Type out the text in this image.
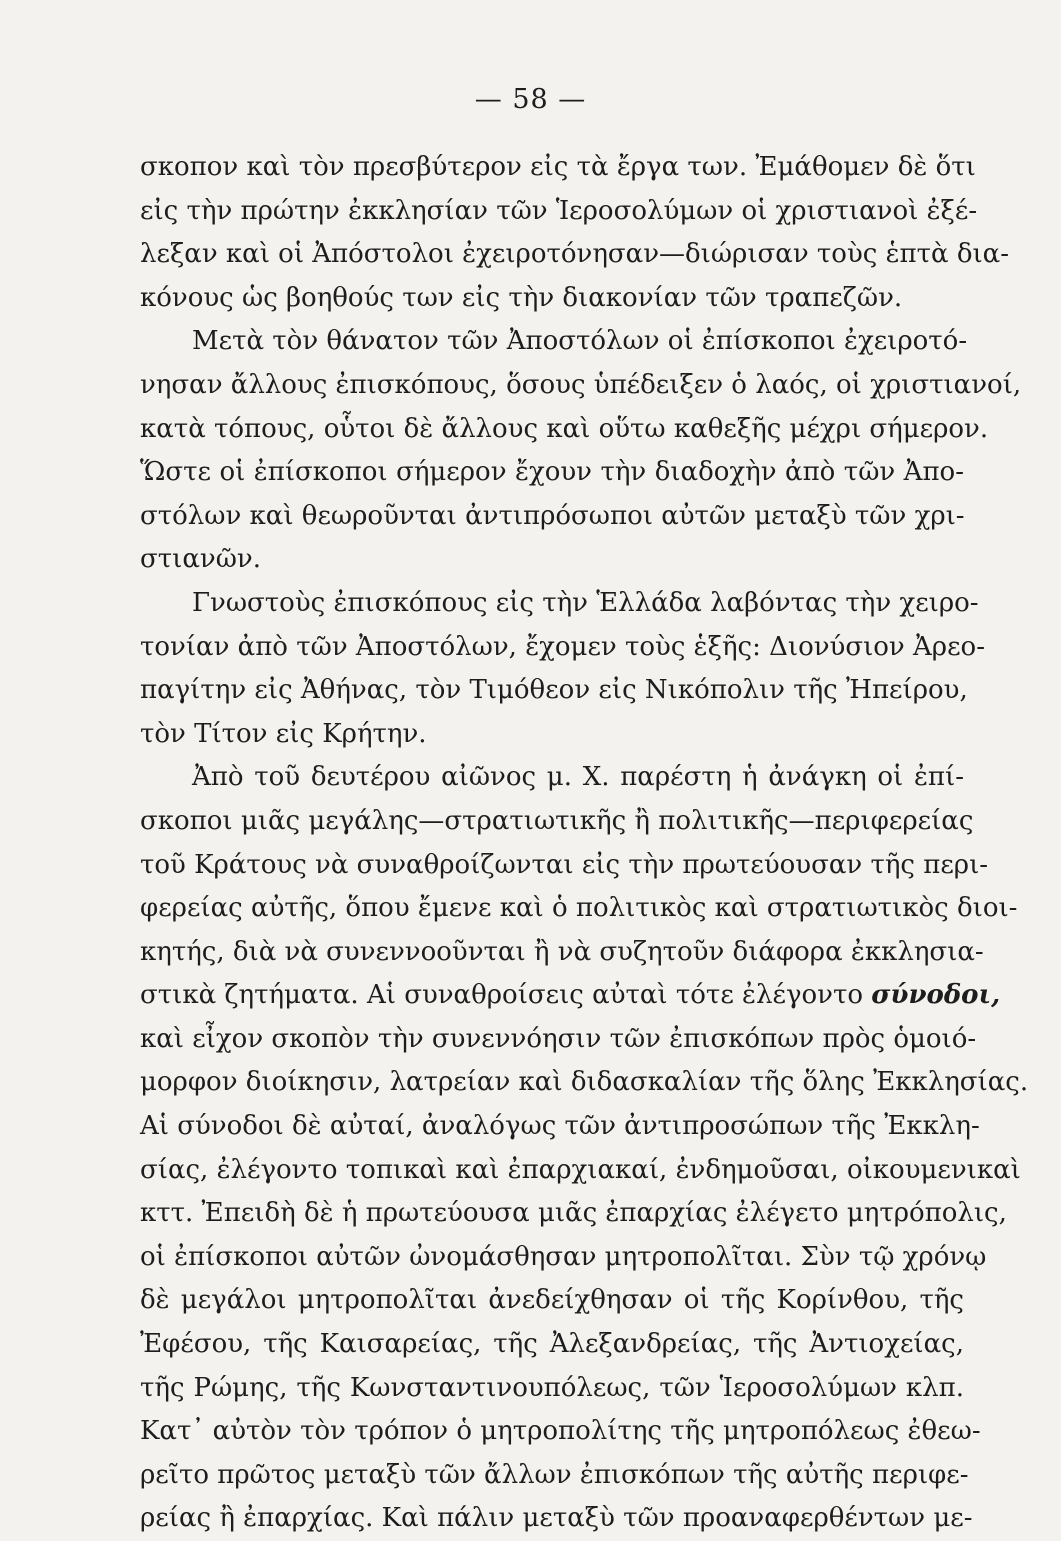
— 58 —
σκοπον καὶ τὸν πρεσβύτερον εἰς τὰ ἔργα των. Ἐμάθομεν δὲ ὅτι
εἰς τὴν πρώτην ἐκκλησίαν τῶν Ἱεροσολύμων οἱ χριστιανοὶ ἐξέ-
λεξαν καὶ οἱ Ἀπόστολοι ἐχειροτόνησαν—διώρισαν τοὺς ἑπτὰ δια-
κόνους ὡς βοηθούς των εἰς τὴν διακονίαν τῶν τραπεζῶν.
Μετὰ τὸν θάνατον τῶν Ἀποστόλων οἱ ἐπίσκοποι ἐχειροτό-
νησαν ἄλλους ἐπισκόπους, ὅσους ὑπέδειξεν ὁ λαός, οἱ χριστιανοί,
κατὰ τόπους, οὗτοι δὲ ἄλλους καὶ οὕτω καθεξῆς μέχρι σήμερον.
Ὥστε οἱ ἐπίσκοποι σήμερον ἔχουν τὴν διαδοχὴν ἀπὸ τῶν Ἀπο-
στόλων καὶ θεωροῦνται ἀντιπρόσωποι αὐτῶν μεταξὺ τῶν χρι-
στιανῶν.
Γνωστοὺς ἐπισκόπους εἰς τὴν Ἑλλάδα λαβόντας τὴν χειρο-
τονίαν ἀπὸ τῶν Ἀποστόλων, ἔχομεν τοὺς ἑξῆς: Διονύσιον Ἀρεο-
παγίτην εἰς Ἀθήνας, τὸν Τιμόθεον εἰς Νικόπολιν τῆς Ἠπείρου,
τὸν Τίτον εἰς Κρήτην.
Ἀπὸ τοῦ δευτέρου αἰῶνος μ. Χ. παρέστη ἡ ἀνάγκη οἱ ἐπί-
σκοποι μιᾶς μεγάλης—στρατιωτικῆς ἢ πολιτικῆς—περιφερείας
τοῦ Κράτους νὰ συναθροίζωνται εἰς τὴν πρωτεύουσαν τῆς περι-
φερείας αὐτῆς, ὅπου ἔμενε καὶ ὁ πολιτικὸς καὶ στρατιωτικὸς διοι-
κητής, διὰ νὰ συνεννοοῦνται ἢ νὰ συζητοῦν διάφορα ἐκκλησια-
στικὰ ζητήματα. Αἱ συναθροίσεις αὐταὶ τότε ἐλέγοντο σύνοδοι,
καὶ εἶχον σκοπὸν τὴν συνεννόησιν τῶν ἐπισκόπων πρὸς ὁμοιό-
μορφον διοίκησιν, λατρείαν καὶ διδασκαλίαν τῆς ὅλης Ἐκκλησίας.
Αἱ σύνοδοι δὲ αὐταί, ἀναλόγως τῶν ἀντιπροσώπων τῆς Ἐκκλη-
σίας, ἐλέγοντο τοπικαὶ καὶ ἐπαρχιακαί, ἐνδημοῦσαι, οἰκουμενικαὶ
κττ. Ἐπειδὴ δὲ ἡ πρωτεύουσα μιᾶς ἐπαρχίας ἐλέγετο μητρόπολις,
οἱ ἐπίσκοποι αὐτῶν ὠνομάσθησαν μητροπολῖται. Σὺν τῷ χρόνῳ
δὲ μεγάλοι μητροπολῖται ἀνεδείχθησαν οἱ τῆς Κορίνθου, τῆς
Ἐφέσου, τῆς Καισαρείας, τῆς Ἀλεξανδρείας, τῆς Ἀντιοχείας,
τῆς Ρώμης, τῆς Κωνσταντινουπόλεως, τῶν Ἱεροσολύμων κλπ.
Κατ᾽ αὐτὸν τὸν τρόπον ὁ μητροπολίτης τῆς μητροπόλεως ἐθεω-
ρεῖτο πρῶτος μεταξὺ τῶν ἄλλων ἐπισκόπων τῆς αὐτῆς περιφε-
ρείας ἢ ἐπαρχίας. Καὶ πάλιν μεταξὺ τῶν προαναφερθέντων με-
